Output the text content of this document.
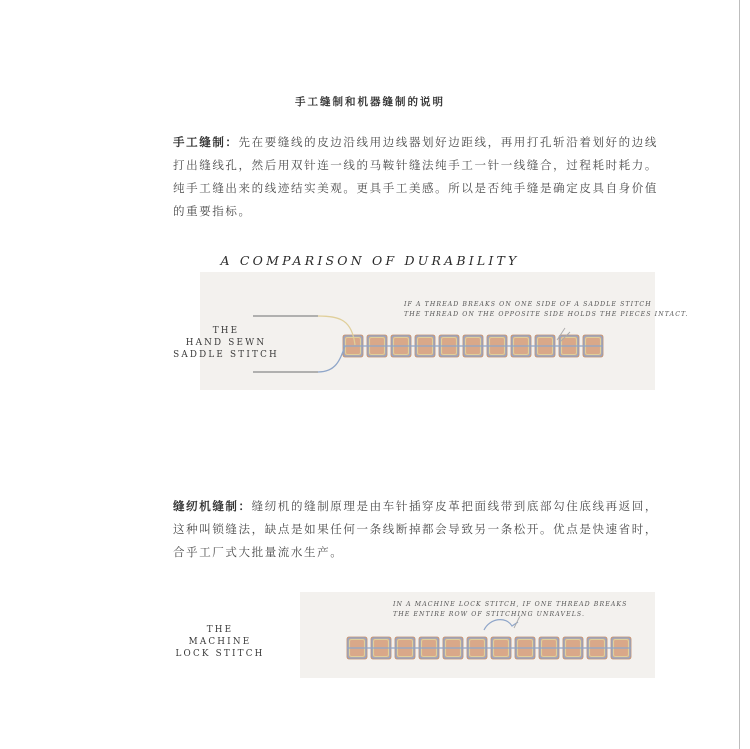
手工缝制和机器缝制的说明

手工缝制：先在要缝线的皮边沿线用边线器划好边距线，再用打孔斩沿着划好的边线打出缝线孔，然后用双针连一线的马鞍针缝法纯手工一针一线缝合，过程耗时耗力。纯手工缝出来的线迹结实美观。更具手工美感。所以是否纯手缝是确定皮具自身价值的重要指标。

A COMPARISON OF DURABILITY
THE
HAND SEWN
SADDLE STITCH
IF A THREAD BREAKS ON ONE SIDE OF A SADDLE STITCH
THE THREAD ON THE OPPOSITE SIDE HOLDS THE PIECES INTACT.
THE
MACHINE
LOCK STITCH
IN A MACHINE LOCK STITCH, IF ONE THREAD BREAKS
THE ENTIRE ROW OF STITCHING UNRAVELS.

缝纫机缝制：缝纫机的缝制原理是由车针插穿皮革把面线带到底部勾住底线再返回，这种叫锁缝法，缺点是如果任何一条线断掉都会导致另一条松开。优点是快速省时，合乎工厂式大批量流水生产。
